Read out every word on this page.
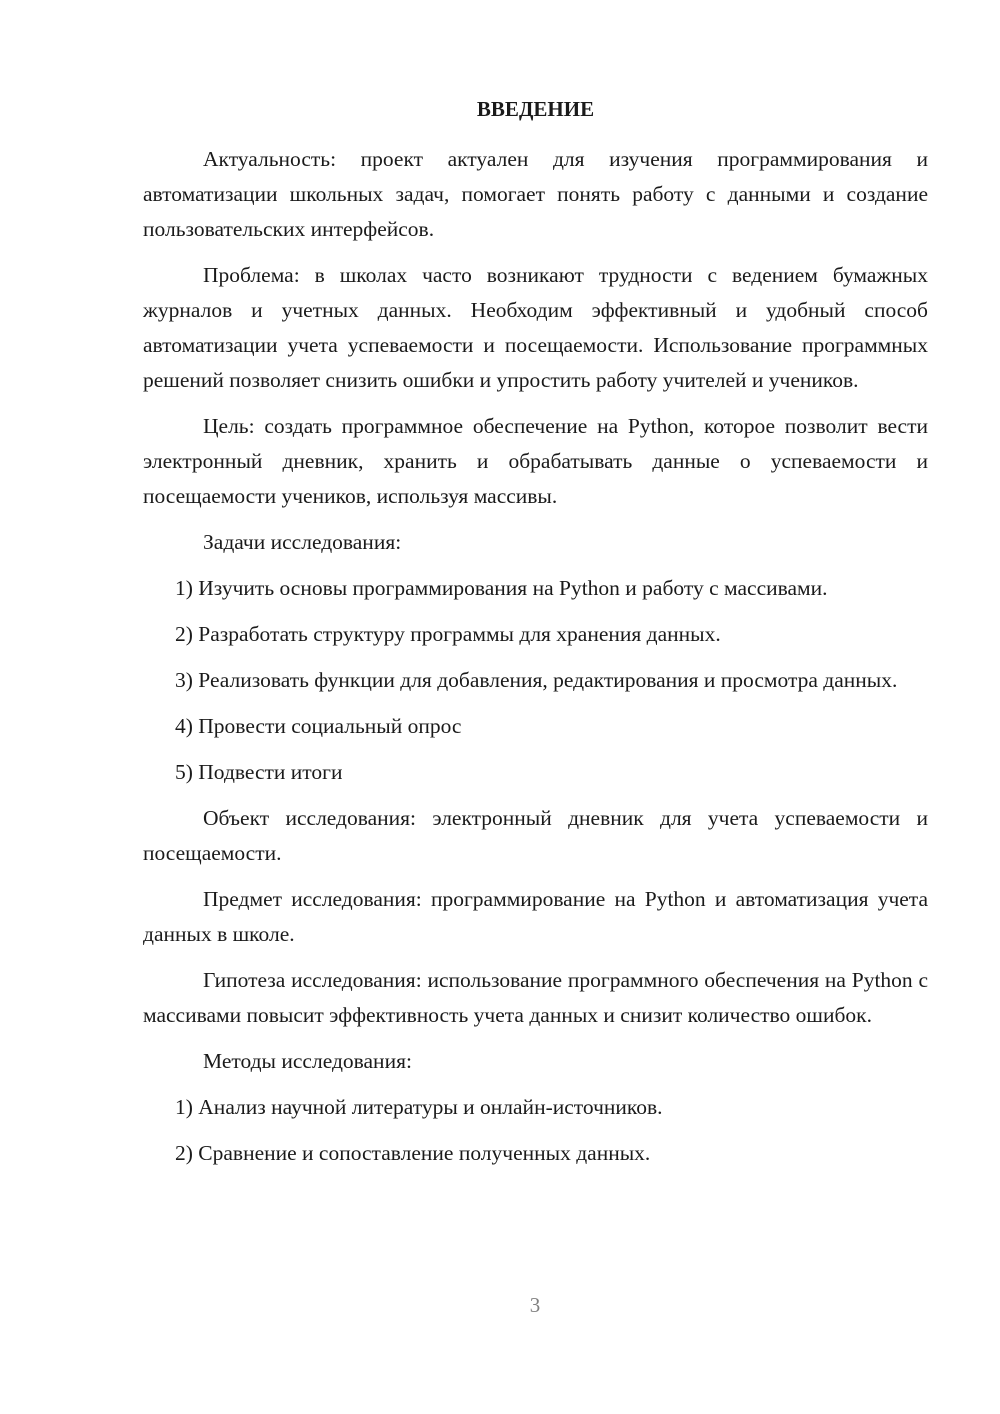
ВВЕДЕНИЕ

Актуальность: проект актуален для изучения программирования и автоматизации школьных задач, помогает понять работу с данными и создание пользовательских интерфейсов.

Проблема: в школах часто возникают трудности с ведением бумажных журналов и учетных данных. Необходим эффективный и удобный способ автоматизации учета успеваемости и посещаемости. Использование программных решений позволяет снизить ошибки и упростить работу учителей и учеников.

Цель: создать программное обеспечение на Python, которое позволит вести электронный дневник, хранить и обрабатывать данные о успеваемости и посещаемости учеников, используя массивы.

Задачи исследования:

1) Изучить основы программирования на Python и работу с массивами.

2) Разработать структуру программы для хранения данных.

3) Реализовать функции для добавления, редактирования и просмотра данных.

4) Провести социальный опрос

5) Подвести итоги

Объект исследования: электронный дневник для учета успеваемости и посещаемости.

Предмет исследования: программирование на Python и автоматизация учета данных в школе.

Гипотеза исследования: использование программного обеспечения на Python с массивами повысит эффективность учета данных и снизит количество ошибок.

Методы исследования:

1) Анализ научной литературы и онлайн-источников.

2) Сравнение и сопоставление полученных данных.

3
